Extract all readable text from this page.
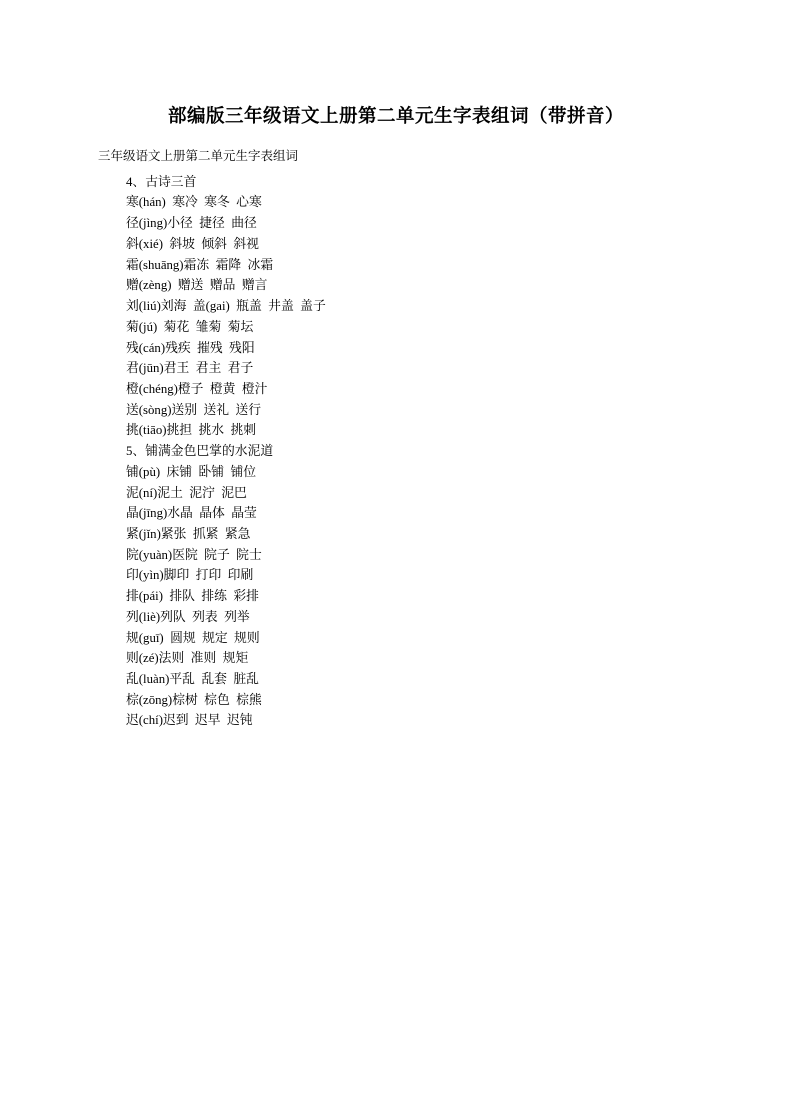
部编版三年级语文上册第二单元生字表组词（带拼音）
三年级语文上册第二单元生字表组词
4、古诗三首
寒(hán)  寒冷  寒冬  心寒
径(jìng)小径  捷径  曲径
斜(xié)  斜坡  倾斜  斜视
霜(shuāng)霜冻  霜降  冰霜
赠(zèng)  赠送  赠品  赠言
刘(liú)刘海  盖(gai)  瓶盖  井盖  盖子
菊(jú)  菊花  雏菊  菊坛
残(cán)残疾  摧残  残阳
君(jūn)君王  君主  君子
橙(chéng)橙子  橙黄  橙汁
送(sòng)送别  送礼  送行
挑(tiāo)挑担  挑水  挑刺
5、铺满金色巴掌的水泥道
铺(pù)  床铺  卧铺  铺位
泥(ní)泥土  泥泞  泥巴
晶(jīng)水晶  晶体  晶莹
紧(jǐn)紧张  抓紧  紧急
院(yuàn)医院  院子  院士
印(yìn)脚印  打印  印刷
排(pái)  排队  排练  彩排
列(liè)列队  列表  列举
规(guī)  圆规  规定  规则
则(zé)法则  准则  规矩
乱(luàn)平乱  乱套  脏乱
棕(zōng)棕树  棕色  棕熊
迟(chí)迟到  迟早  迟钝
